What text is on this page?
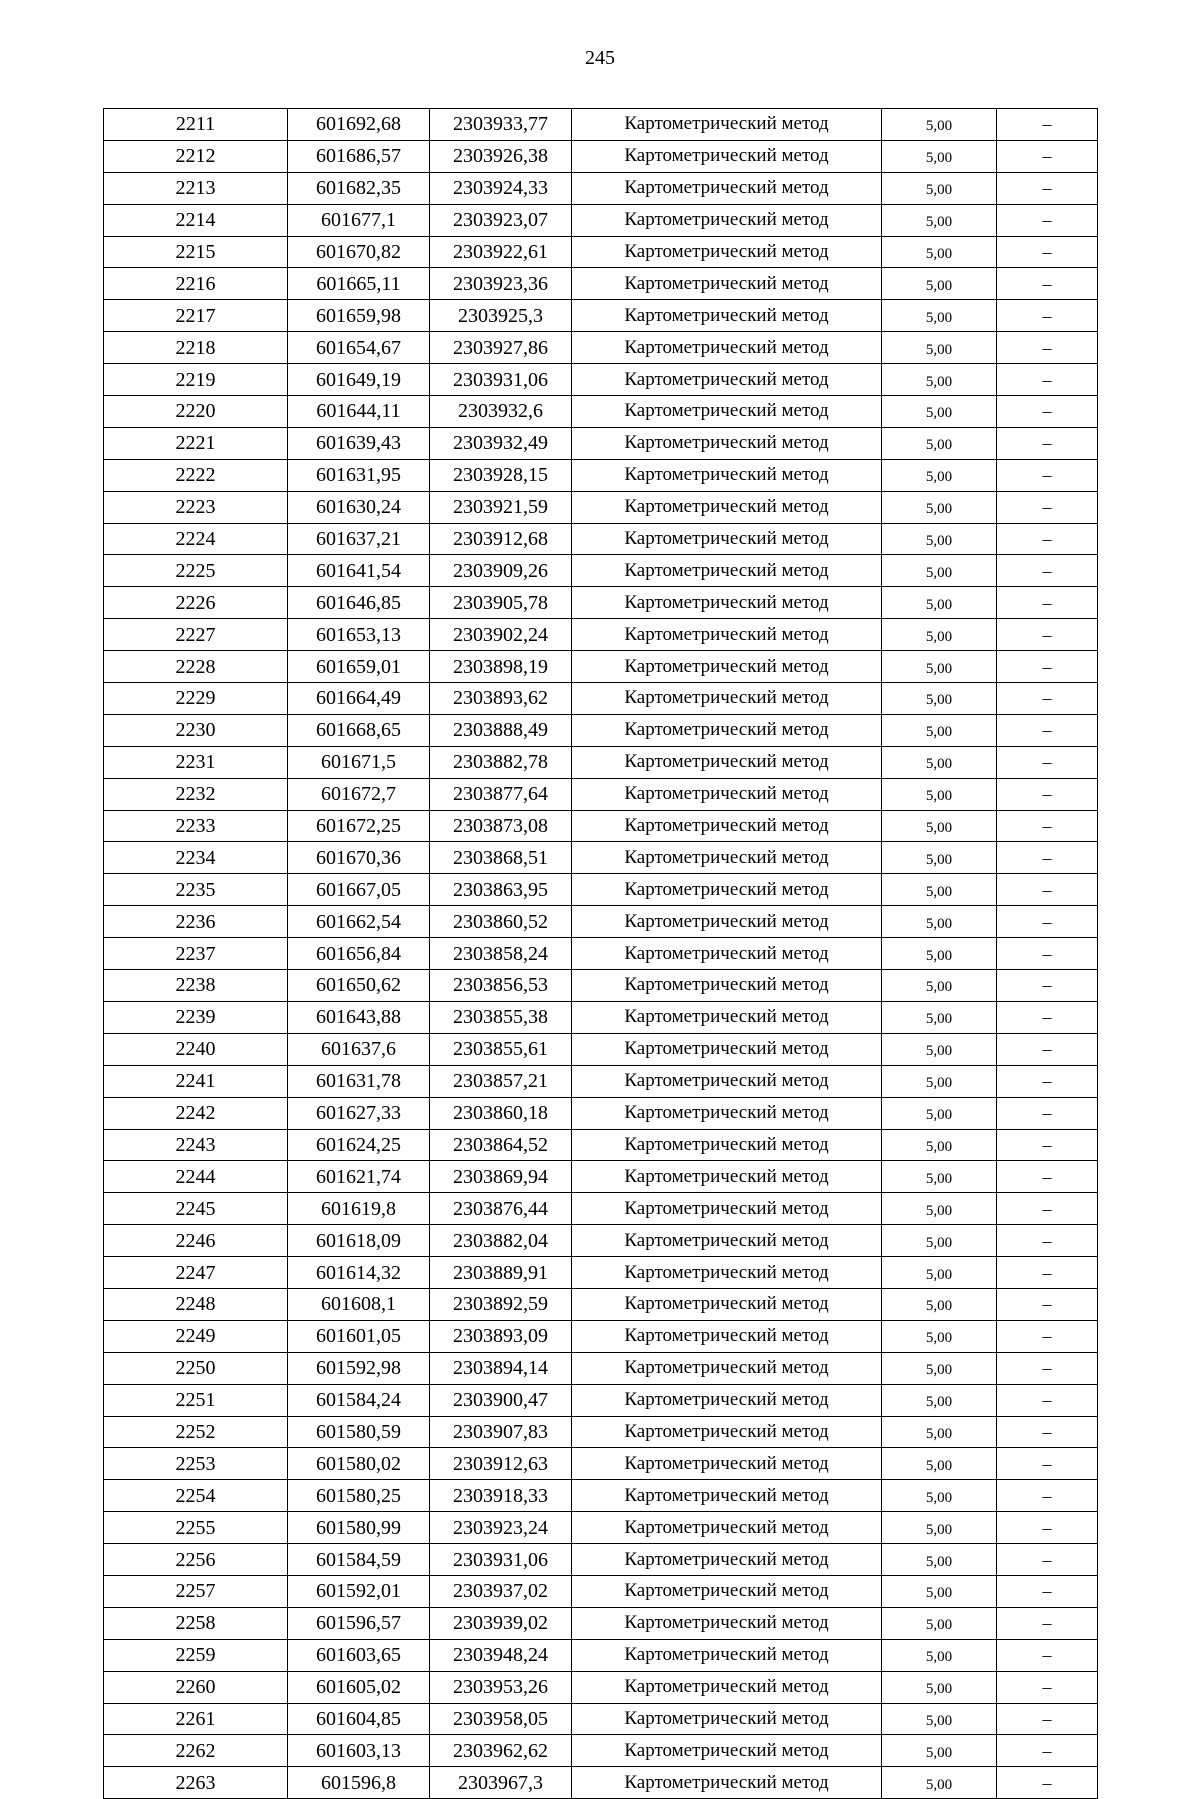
245
2211	601692,68	2303933,77	Картометрический метод	5,00	–
2212	601686,57	2303926,38	Картометрический метод	5,00	–
2213	601682,35	2303924,33	Картометрический метод	5,00	–
2214	601677,1	2303923,07	Картометрический метод	5,00	–
2215	601670,82	2303922,61	Картометрический метод	5,00	–
2216	601665,11	2303923,36	Картометрический метод	5,00	–
2217	601659,98	2303925,3	Картометрический метод	5,00	–
2218	601654,67	2303927,86	Картометрический метод	5,00	–
2219	601649,19	2303931,06	Картометрический метод	5,00	–
2220	601644,11	2303932,6	Картометрический метод	5,00	–
2221	601639,43	2303932,49	Картометрический метод	5,00	–
2222	601631,95	2303928,15	Картометрический метод	5,00	–
2223	601630,24	2303921,59	Картометрический метод	5,00	–
2224	601637,21	2303912,68	Картометрический метод	5,00	–
2225	601641,54	2303909,26	Картометрический метод	5,00	–
2226	601646,85	2303905,78	Картометрический метод	5,00	–
2227	601653,13	2303902,24	Картометрический метод	5,00	–
2228	601659,01	2303898,19	Картометрический метод	5,00	–
2229	601664,49	2303893,62	Картометрический метод	5,00	–
2230	601668,65	2303888,49	Картометрический метод	5,00	–
2231	601671,5	2303882,78	Картометрический метод	5,00	–
2232	601672,7	2303877,64	Картометрический метод	5,00	–
2233	601672,25	2303873,08	Картометрический метод	5,00	–
2234	601670,36	2303868,51	Картометрический метод	5,00	–
2235	601667,05	2303863,95	Картометрический метод	5,00	–
2236	601662,54	2303860,52	Картометрический метод	5,00	–
2237	601656,84	2303858,24	Картометрический метод	5,00	–
2238	601650,62	2303856,53	Картометрический метод	5,00	–
2239	601643,88	2303855,38	Картометрический метод	5,00	–
2240	601637,6	2303855,61	Картометрический метод	5,00	–
2241	601631,78	2303857,21	Картометрический метод	5,00	–
2242	601627,33	2303860,18	Картометрический метод	5,00	–
2243	601624,25	2303864,52	Картометрический метод	5,00	–
2244	601621,74	2303869,94	Картометрический метод	5,00	–
2245	601619,8	2303876,44	Картометрический метод	5,00	–
2246	601618,09	2303882,04	Картометрический метод	5,00	–
2247	601614,32	2303889,91	Картометрический метод	5,00	–
2248	601608,1	2303892,59	Картометрический метод	5,00	–
2249	601601,05	2303893,09	Картометрический метод	5,00	–
2250	601592,98	2303894,14	Картометрический метод	5,00	–
2251	601584,24	2303900,47	Картометрический метод	5,00	–
2252	601580,59	2303907,83	Картометрический метод	5,00	–
2253	601580,02	2303912,63	Картометрический метод	5,00	–
2254	601580,25	2303918,33	Картометрический метод	5,00	–
2255	601580,99	2303923,24	Картометрический метод	5,00	–
2256	601584,59	2303931,06	Картометрический метод	5,00	–
2257	601592,01	2303937,02	Картометрический метод	5,00	–
2258	601596,57	2303939,02	Картометрический метод	5,00	–
2259	601603,65	2303948,24	Картометрический метод	5,00	–
2260	601605,02	2303953,26	Картометрический метод	5,00	–
2261	601604,85	2303958,05	Картометрический метод	5,00	–
2262	601603,13	2303962,62	Картометрический метод	5,00	–
2263	601596,8	2303967,3	Картометрический метод	5,00	–
